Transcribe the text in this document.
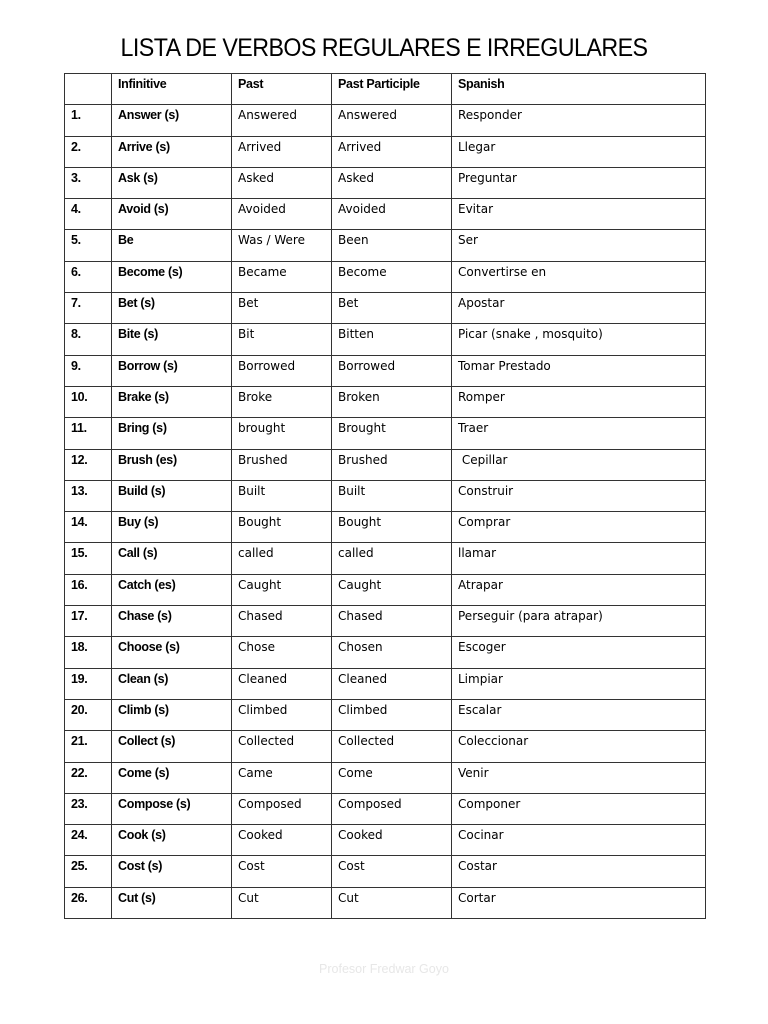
LISTA DE VERBOS REGULARES E IRREGULARES

	Infinitive	Past	Past Participle	Spanish

1.	Answer (s)	Answered	Answered	Responder

2.	Arrive (s)	Arrived	Arrived	Llegar

3.	Ask (s)	Asked	Asked	Preguntar

4.	Avoid (s)	Avoided	Avoided	Evitar

5.	Be	Was / Were	Been	Ser

6.	Become (s)	Became	Become	Convertirse en

7.	Bet (s)	Bet	Bet	Apostar

8.	Bite (s)	Bit	Bitten	Picar (snake , mosquito)

9.	Borrow (s)	Borrowed	Borrowed	Tomar Prestado

10.	Brake (s)	Broke	Broken	Romper

11.	Bring (s)	brought	Brought	Traer

12.	Brush (es)	Brushed	Brushed	Cepillar

13.	Build (s)	Built	Built	Construir

14.	Buy (s)	Bought	Bought	Comprar

15.	Call (s)	called	called	llamar

16.	Catch (es)	Caught	Caught	Atrapar

17.	Chase (s)	Chased	Chased	Perseguir (para atrapar)

18.	Choose (s)	Chose	Chosen	Escoger

19.	Clean (s)	Cleaned	Cleaned	Limpiar

20.	Climb (s)	Climbed	Climbed	Escalar

21.	Collect (s)	Collected	Collected	Coleccionar

22.	Come (s)	Came	Come	Venir

23.	Compose (s)	Composed	Composed	Componer

24.	Cook (s)	Cooked	Cooked	Cocinar

25.	Cost (s)	Cost	Cost	Costar

26.	Cut (s)	Cut	Cut	Cortar
Profesor Fredwar Goyo
